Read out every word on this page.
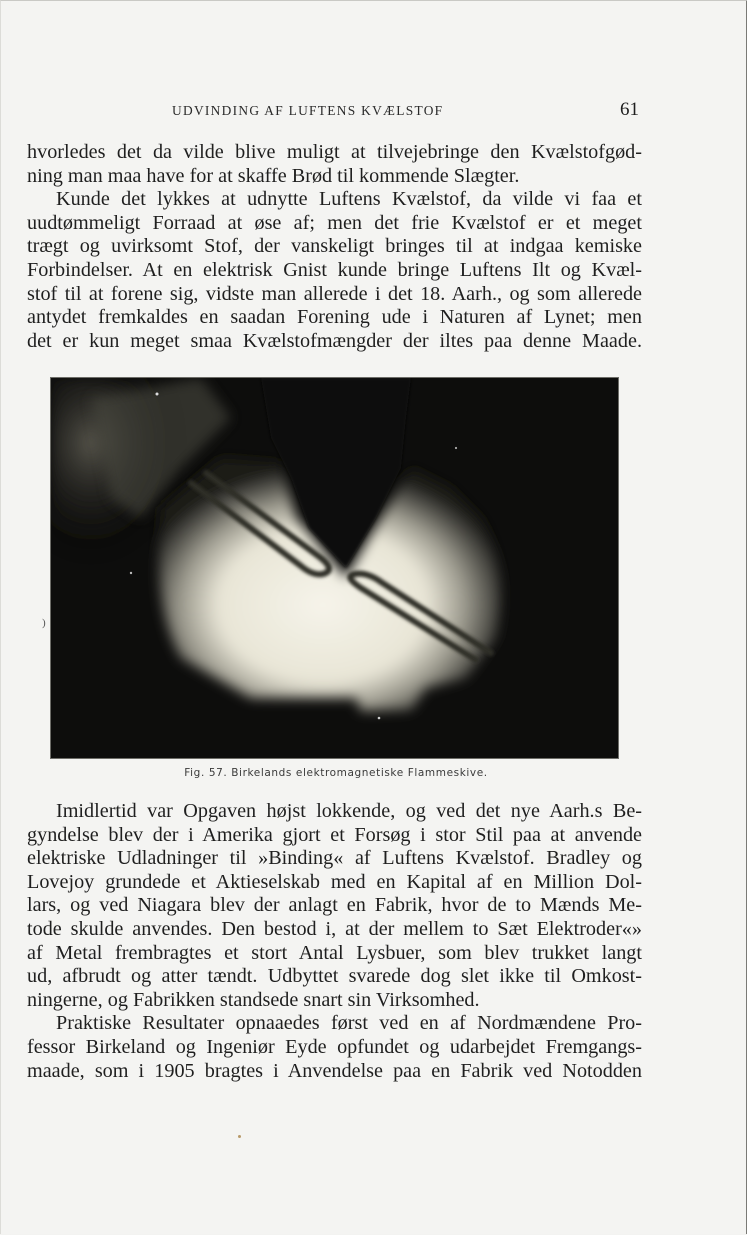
UDVINDING AF LUFTENS KVÆLSTOF	61
hvorledes det da vilde blive muligt at tilvejebringe den Kvælstofgød-
ning man maa have for at skaffe Brød til kommende Slægter.
Kunde det lykkes at udnytte Luftens Kvælstof, da vilde vi faa et
uudtømmeligt Forraad at øse af; men det frie Kvælstof er et meget
trægt og uvirksomt Stof, der vanskeligt bringes til at indgaa kemiske
Forbindelser. At en elektrisk Gnist kunde bringe Luftens Ilt og Kvæl-
stof til at forene sig, vidste man allerede i det 18. Aarh., og som allerede
antydet fremkaldes en saadan Forening ude i Naturen af Lynet; men
det er kun meget smaa Kvælstofmængder der iltes paa denne Maade.
)
Fig. 57. Birkelands elektromagnetiske Flammeskive.
Imidlertid var Opgaven højst lokkende, og ved det nye Aarh.s Be-
gyndelse blev der i Amerika gjort et Forsøg i stor Stil paa at anvende
elektriske Udladninger til »Binding« af Luftens Kvælstof. Bradley og
Lovejoy grundede et Aktieselskab med en Kapital af en Million Dol-
lars, og ved Niagara blev der anlagt en Fabrik, hvor de to Mænds Me-
tode skulde anvendes. Den bestod i, at der mellem to Sæt Elektroder«»
af Metal frembragtes et stort Antal Lysbuer, som blev trukket langt
ud, afbrudt og atter tændt. Udbyttet svarede dog slet ikke til Omkost-
ningerne, og Fabrikken standsede snart sin Virksomhed.
Praktiske Resultater opnaaedes først ved en af Nordmændene Pro-
fessor Birkeland og Ingeniør Eyde opfundet og udarbejdet Fremgangs-
maade, som i 1905 bragtes i Anvendelse paa en Fabrik ved Notodden
